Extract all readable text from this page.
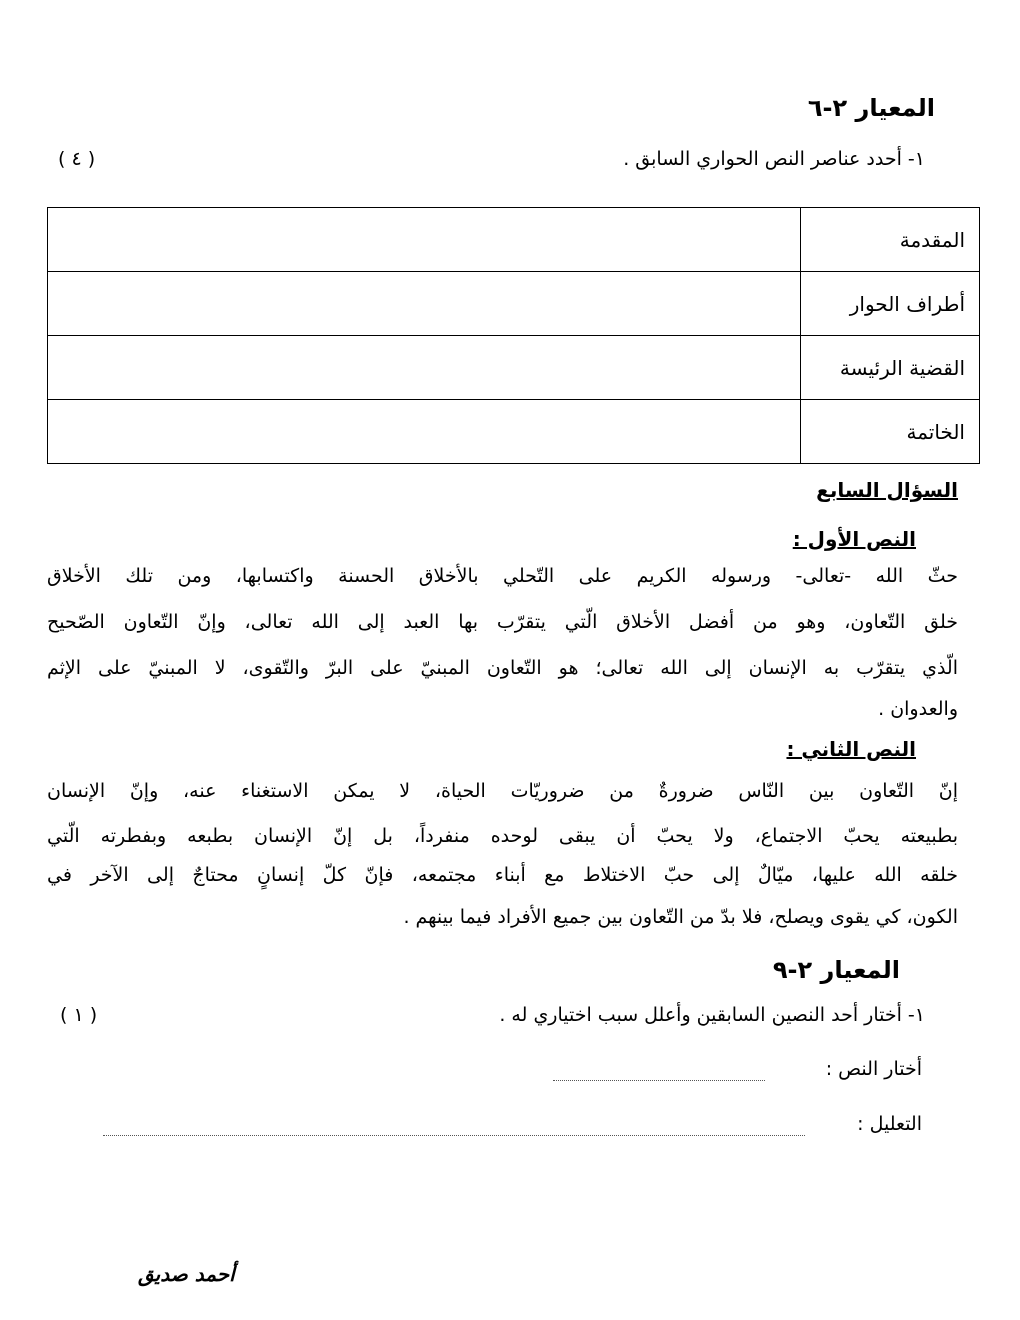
المعيار ٢-٦
١- أحدد عناصر النص الحواري السابق .
( ٤ )
المقدمة	
أطراف الحوار	
القضية الرئيسة	
الخاتمة	
السؤال السابع
النص الأول :
حثّ الله -تعالى- ورسوله الكريم على التّحلي بالأخلاق الحسنة واكتسابها، ومن تلك الأخلاق
خلق التّعاون، وهو من أفضل الأخلاق الّتي يتقرّب بها العبد إلى الله تعالى، وإنّ التّعاون الصّحيح
الّذي يتقرّب به الإنسان إلى الله تعالى؛ هو التّعاون المبنيّ على البرّ والتّقوى، لا المبنيّ على الإثم
والعدوان .
النص الثاني :
إنّ التّعاون بين النّاس ضرورةٌ من ضروريّات الحياة، لا يمكن الاستغناء عنه، وإنّ الإنسان
بطبيعته يحبّ الاجتماع، ولا يحبّ أن يبقى لوحده منفرداً، بل إنّ الإنسان بطبعه وبفطرته الّتي
خلقه الله عليها، ميّالٌ إلى حبّ الاختلاط مع أبناء مجتمعه، فإنّ كلّ إنسانٍ محتاجٌ إلى الآخر في
الكون، كي يقوى ويصلح، فلا بدّ من التّعاون بين جميع الأفراد فيما بينهم .
المعيار ٢-٩
١- أختار أحد النصين السابقين وأعلل سبب اختياري له .
( ١ )
أختار النص :
التعليل :
أحمد صديق
